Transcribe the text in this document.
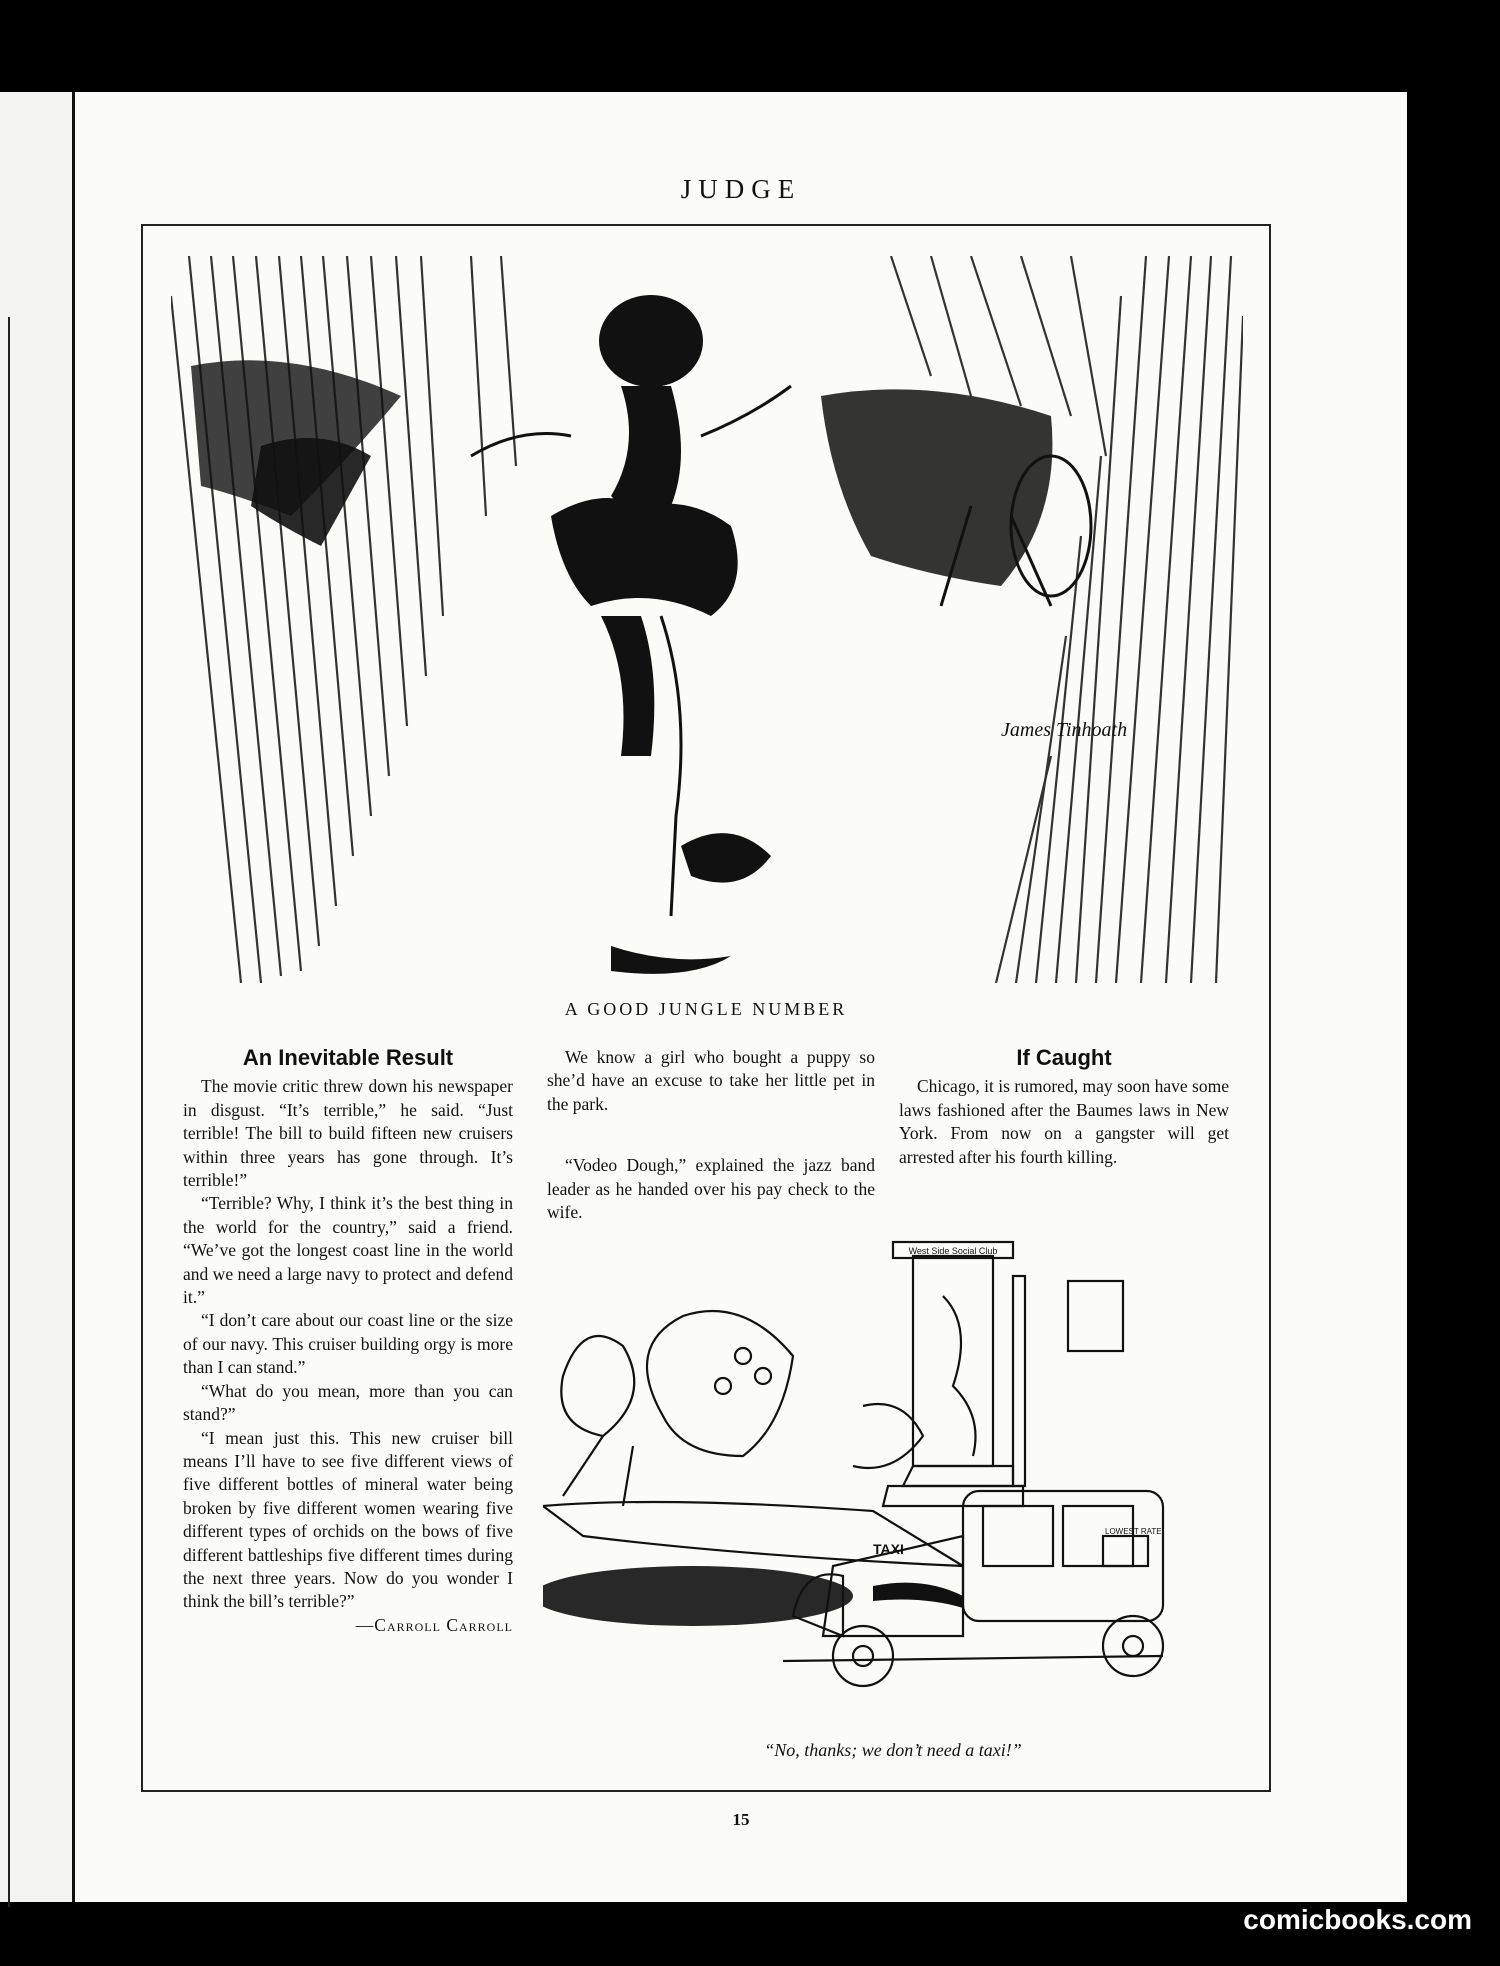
JUDGE
James Tinhoath
A GOOD JUNGLE NUMBER

An Inevitable Result

The movie critic threw down his newspaper in disgust. “It’s terrible,” he said. “Just terrible! The bill to build fifteen new cruisers within three years has gone through. It’s terrible!”

“Terrible? Why, I think it’s the best thing in the world for the country,” said a friend. “We’ve got the longest coast line in the world and we need a large navy to protect and defend it.”

“I don’t care about our coast line or the size of our navy. This cruiser building orgy is more than I can stand.”

“What do you mean, more than you can stand?”

“I mean just this. This new cruiser bill means I’ll have to see five different views of five different bottles of mineral water being broken by five different women wearing five different types of orchids on the bows of five different battleships five different times during the next three years. Now do you wonder I think the bill’s terrible?”

—Carroll Carroll

We know a girl who bought a puppy so she’d have an excuse to take her little pet in the park.

“Vodeo Dough,” explained the jazz band leader as he handed over his pay check to the wife.

If Caught

Chicago, it is rumored, may soon have some laws fashioned after the Baumes laws in New York. From now on a gangster will get arrested after his fourth killing.

West Side Social Club
TAXI
LOWEST RATE
“No, thanks; we don’t need a taxi!”
15
comicbooks.com
